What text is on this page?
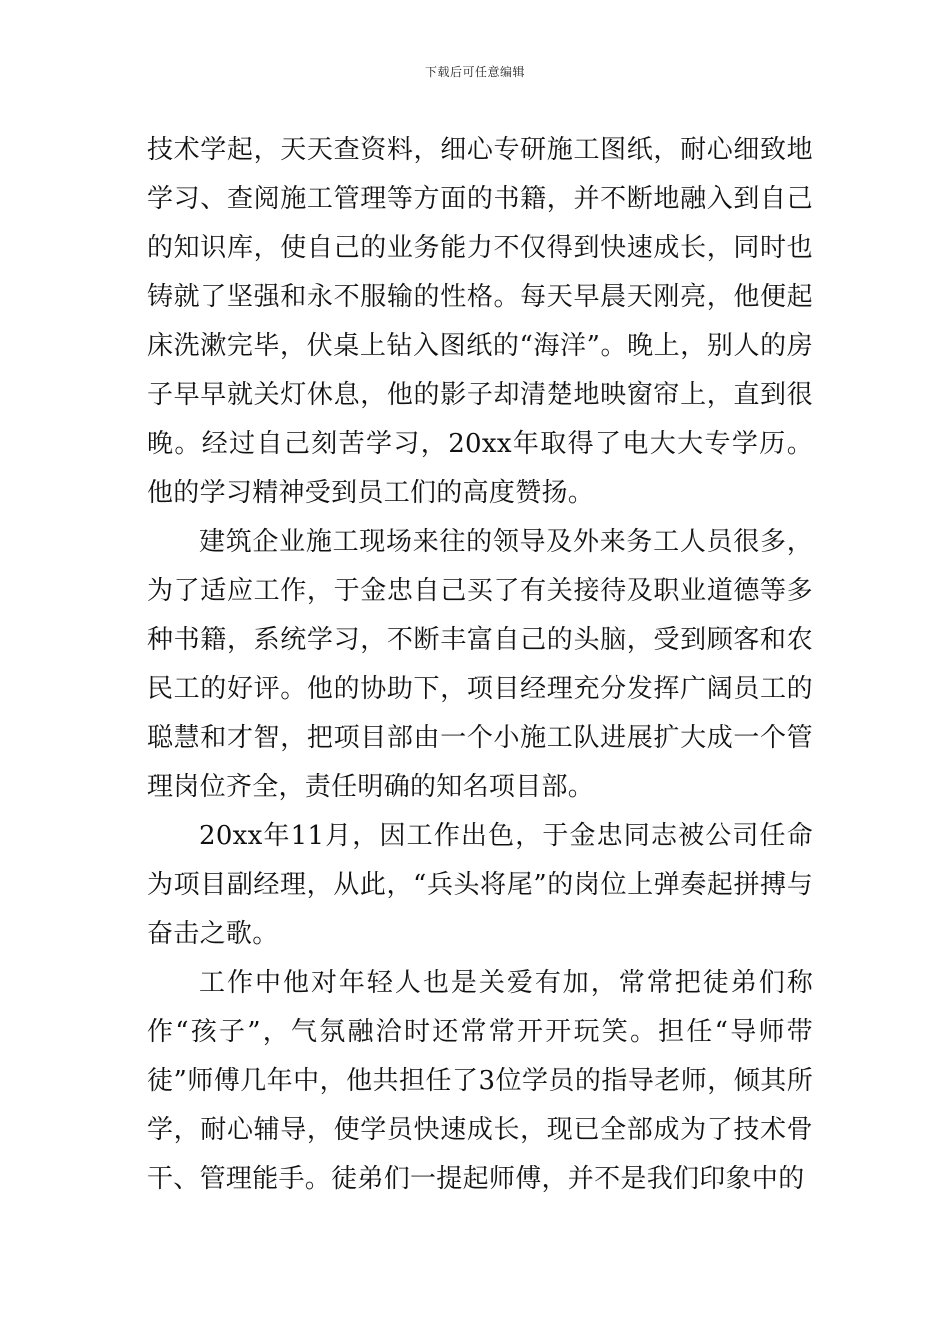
下载后可任意编辑

技术学起，天天查资料，细心专研施工图纸，耐心细致地学习、查阅施工管理等方面的书籍，并不断地融入到自己的知识库，使自己的业务能力不仅得到快速成长，同时也铸就了坚强和永不服输的性格。每天早晨天刚亮，他便起床洗漱完毕，伏桌上钻入图纸的“海洋”。晚上，别人的房子早早就关灯休息，他的影子却清楚地映窗帘上，直到很晚。经过自己刻苦学习，20xx年取得了电大大专学历。他的学习精神受到员工们的高度赞扬。

建筑企业施工现场来往的领导及外来务工人员很多，为了适应工作，于金忠自己买了有关接待及职业道德等多种书籍，系统学习，不断丰富自己的头脑，受到顾客和农民工的好评。他的协助下，项目经理充分发挥广阔员工的聪慧和才智，把项目部由一个小施工队进展扩大成一个管理岗位齐全，责任明确的知名项目部。

20xx年11月，因工作出色，于金忠同志被公司任命为项目副经理，从此，“兵头将尾”的岗位上弹奏起拼搏与奋击之歌。

工作中他对年轻人也是关爱有加，常常把徒弟们称作“孩子”，气氛融洽时还常常开开玩笑。担任“导师带徒”师傅几年中，他共担任了3位学员的指导老师，倾其所学，耐心辅导，使学员快速成长，现已全部成为了技术骨干、管理能手。徒弟们一提起师傅，并不是我们印象中的
